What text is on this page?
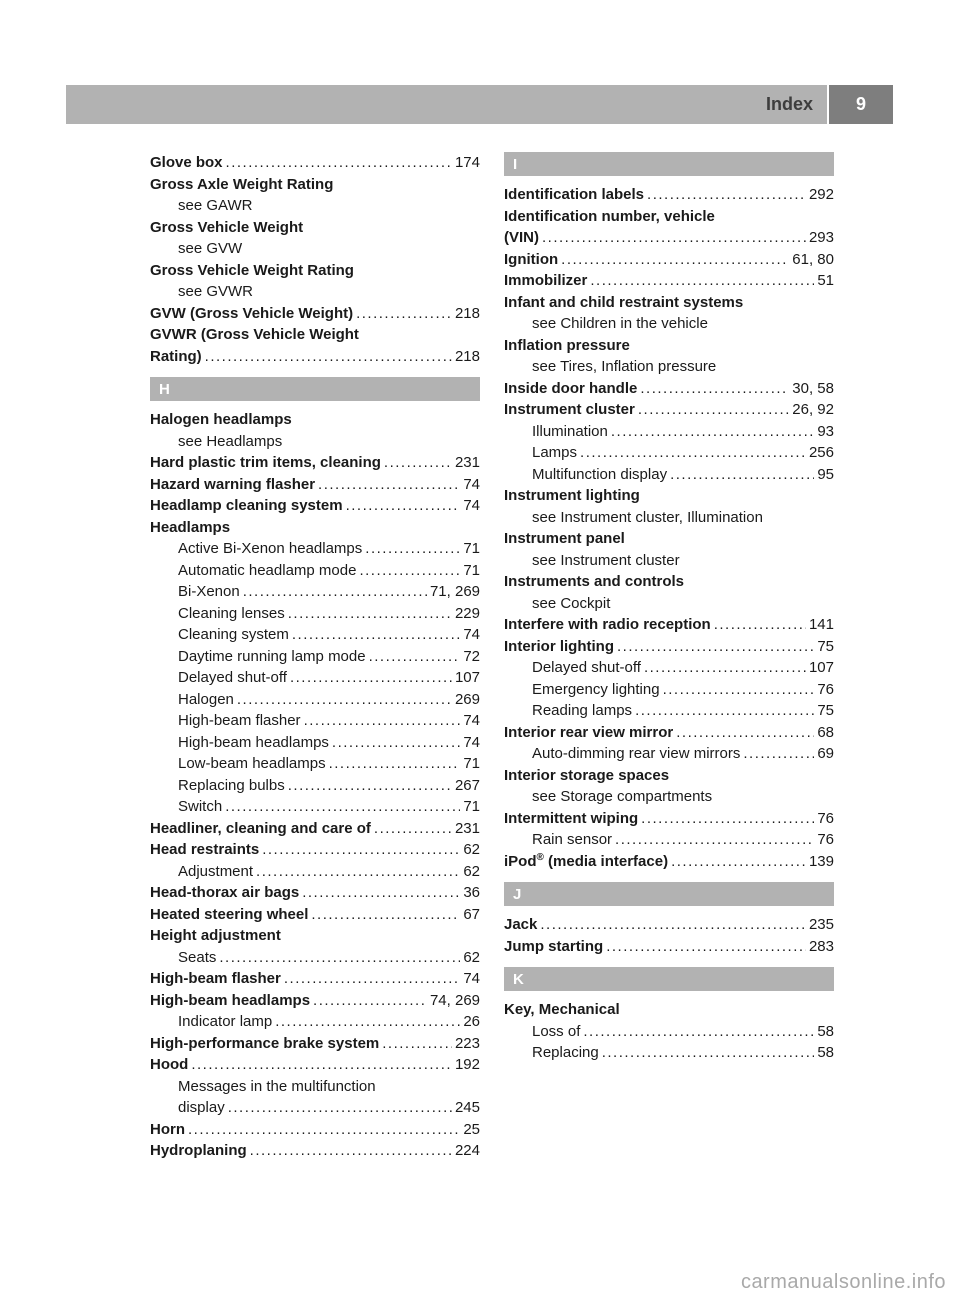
Index 9
Glove box .....	174
Gross Axle Weight Rating
see GAWR
Gross Vehicle Weight
see GVW
Gross Vehicle Weight Rating
see GVWR
GVW (Gross Vehicle Weight) .....	218
GVWR (Gross Vehicle Weight
Rating) .....	218
H
Halogen headlamps
see Headlamps
Hard plastic trim items, cleaning .....	231
Hazard warning flasher .....	74
Headlamp cleaning system .....	74
Headlamps
Active Bi-Xenon headlamps .....	71
Automatic headlamp mode .....	71
Bi-Xenon .....	71, 269
Cleaning lenses .....	229
Cleaning system .....	74
Daytime running lamp mode .....	72
Delayed shut-off .....	107
Halogen .....	269
High-beam flasher .....	74
High-beam headlamps .....	74
Low-beam headlamps .....	71
Replacing bulbs .....	267
Switch .....	71
Headliner, cleaning and care of .....	231
Head restraints .....	62
Adjustment .....	62
Head-thorax air bags .....	36
Heated steering wheel .....	67
Height adjustment
Seats .....	62
High-beam flasher .....	74
High-beam headlamps .....	74, 269
Indicator lamp .....	26
High-performance brake system .....	223
Hood .....	192
Messages in the multifunction
display .....	245
Horn .....	25
Hydroplaning .....	224
I
Identification labels .....	292
Identification number, vehicle
(VIN) .....	293
Ignition .....	61, 80
Immobilizer .....	51
Infant and child restraint systems
see Children in the vehicle
Inflation pressure
see Tires, Inflation pressure
Inside door handle .....	30, 58
Instrument cluster .....	26, 92
Illumination .....	93
Lamps .....	256
Multifunction display .....	95
Instrument lighting
see Instrument cluster, Illumination
Instrument panel
see Instrument cluster
Instruments and controls
see Cockpit
Interfere with radio reception .....	141
Interior lighting .....	75
Delayed shut-off .....	107
Emergency lighting .....	76
Reading lamps .....	75
Interior rear view mirror .....	68
Auto-dimming rear view mirrors .....	69
Interior storage spaces
see Storage compartments
Intermittent wiping .....	76
Rain sensor .....	76
iPod® (media interface) .....	139
J
Jack .....	235
Jump starting .....	283
K
Key, Mechanical
Loss of .....	58
Replacing .....	58
carmanualsonline.info
